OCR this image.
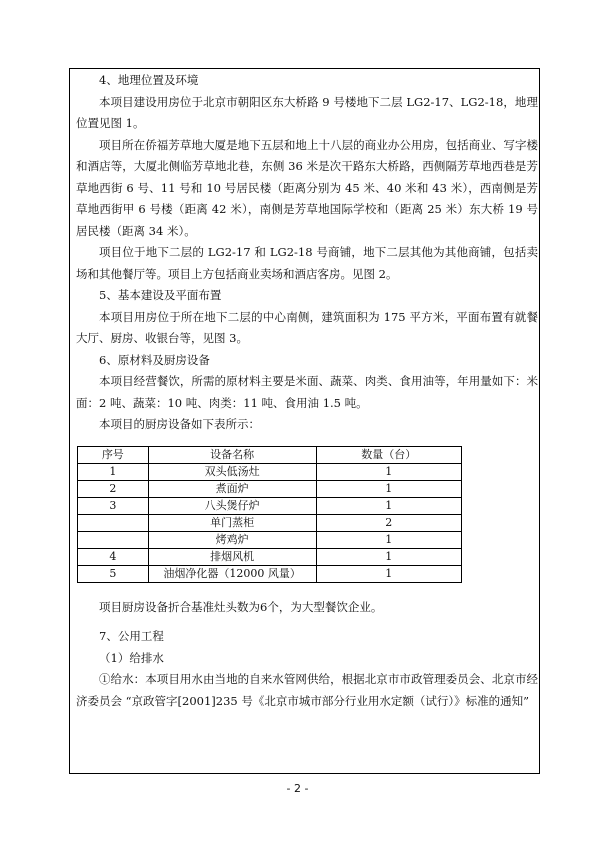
4、地理位置及环境

本项目建设用房位于北京市朝阳区东大桥路 9 号楼地下二层 LG2-17、LG2-18，地理位置见图 1。

项目所在侨福芳草地大厦是地下五层和地上十八层的商业办公用房，包括商业、写字楼和酒店等，大厦北侧临芳草地北巷，东侧 36 米是次干路东大桥路，西侧隔芳草地西巷是芳草地西街 6 号、11 号和 10 号居民楼（距离分别为 45 米、40 米和 43 米），西南侧是芳草地西街甲 6 号楼（距离 42 米），南侧是芳草地国际学校和（距离 25 米）东大桥 19 号居民楼（距离 34 米）。

项目位于地下二层的 LG2-17 和 LG2-18 号商铺，地下二层其他为其他商铺，包括卖场和其他餐厅等。项目上方包括商业卖场和酒店客房。见图 2。

5、基本建设及平面布置

本项目用房位于所在地下二层的中心南侧，建筑面积为 175 平方米，平面布置有就餐大厅、厨房、收银台等，见图 3。

6、原材料及厨房设备

本项目经营餐饮，所需的原材料主要是米面、蔬菜、肉类、食用油等，年用量如下：米面：2 吨、蔬菜：10 吨、肉类：11 吨、食用油 1.5 吨。

本项目的厨房设备如下表所示：

序号	设备名称	数量（台）
1	双头低汤灶	1
2	煮面炉	1
3	八头煲仔炉	1
	单门蒸柜	2
	烤鸡炉	1
4	排烟风机	1
5	油烟净化器（12000 风量）	1

项目厨房设备折合基准灶头数为6个，为大型餐饮企业。

7、公用工程

（1）给排水

①给水：本项目用水由当地的自来水管网供给，根据北京市市政管理委员会、北京市经济委员会 “京政管字[2001]235 号《北京市城市部分行业用水定额（试行）》标准的通知”

- 2 -
